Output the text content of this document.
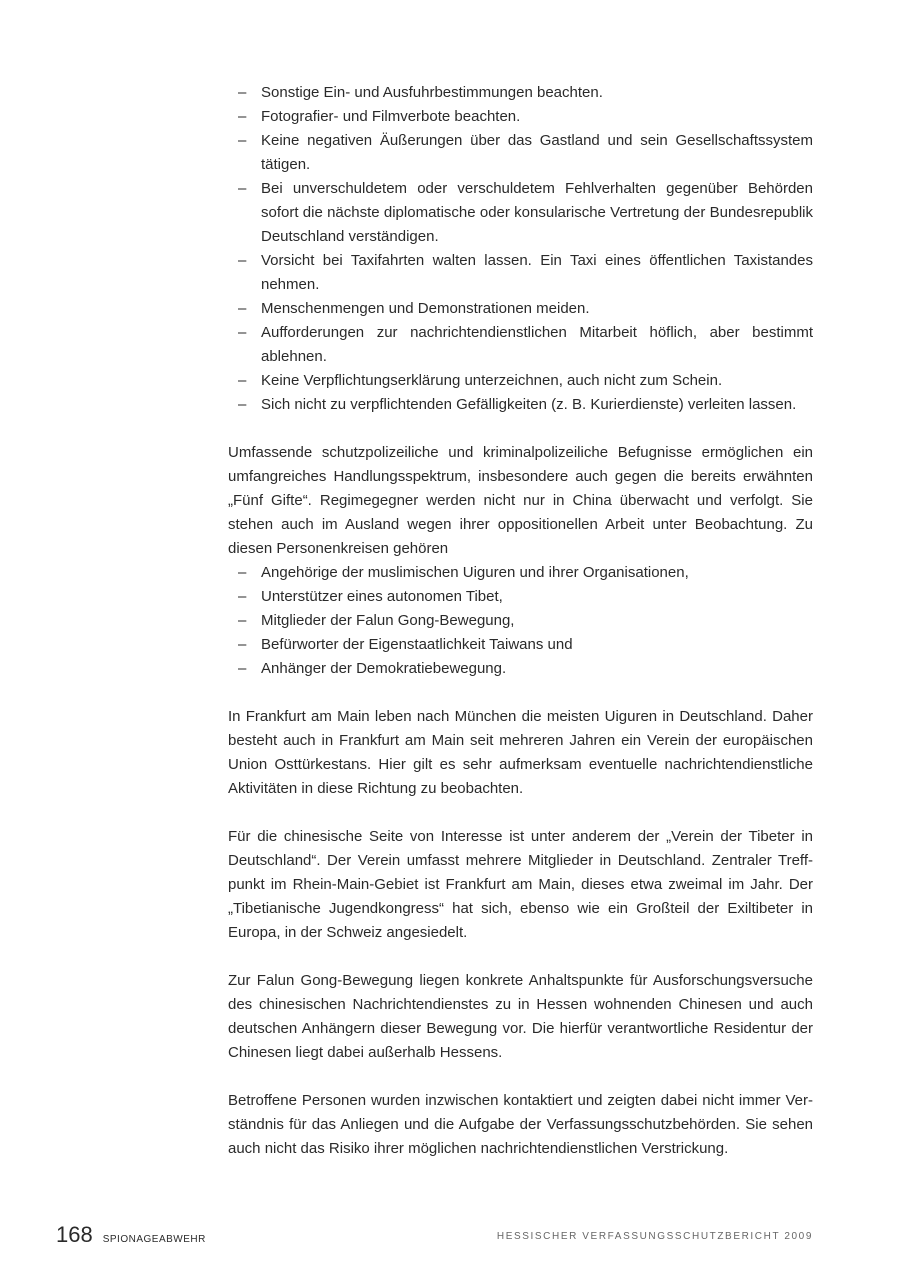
– Sonstige Ein- und Ausfuhrbestimmungen beachten.
– Fotografier- und Filmverbote beachten.
– Keine negativen Äußerungen über das Gastland und sein Gesellschaftssystem tätigen.
– Bei unverschuldetem oder verschuldetem Fehlverhalten gegenüber Behörden sofort die nächste diplomatische oder konsularische Vertretung der Bundesrepublik Deutschland verständigen.
– Vorsicht bei Taxifahrten walten lassen. Ein Taxi eines öffentlichen Taxistandes nehmen.
– Menschenmengen und Demonstrationen meiden.
– Aufforderungen zur nachrichtendienstlichen Mitarbeit höflich, aber bestimmt ablehnen.
– Keine Verpflichtungserklärung unterzeichnen, auch nicht zum Schein.
– Sich nicht zu verpflichtenden Gefälligkeiten (z. B. Kurierdienste) verleiten lassen.

Umfassende schutzpolizeiliche und kriminalpolizeiliche Befugnisse ermöglichen ein umfangreiches Handlungsspektrum, insbesondere auch gegen die bereits erwähnten „Fünf Gifte“. Regimegegner werden nicht nur in China überwacht und verfolgt. Sie stehen auch im Ausland wegen ihrer oppositionellen Arbeit unter Beobachtung. Zu diesen Personenkreisen gehören

– Angehörige der muslimischen Uiguren und ihrer Organisationen,
– Unterstützer eines autonomen Tibet,
– Mitglieder der Falun Gong-Bewegung,
– Befürworter der Eigenstaatlichkeit Taiwans und
– Anhänger der Demokratiebewegung.

In Frankfurt am Main leben nach München die meisten Uiguren in Deutschland. Daher besteht auch in Frankfurt am Main seit mehreren Jahren ein Verein der europäischen Union Osttürkestans. Hier gilt es sehr aufmerksam eventuelle nachrichtendienstliche Aktivitäten in diese Richtung zu beobachten.

Für die chinesische Seite von Interesse ist unter anderem der „Verein der Tibeter in Deutschland“. Der Verein umfasst mehrere Mitglieder in Deutschland. Zentraler Treffpunkt im Rhein-Main-Gebiet ist Frankfurt am Main, dieses etwa zweimal im Jahr. Der „Tibetianische Jugendkongress“ hat sich, ebenso wie ein Großteil der Exiltibeter in Europa, in der Schweiz angesiedelt.

Zur Falun Gong-Bewegung liegen konkrete Anhaltspunkte für Ausforschungsversuche des chinesischen Nachrichtendienstes zu in Hessen wohnenden Chinesen und auch deutschen Anhängern dieser Bewegung vor. Die hierfür verantwortliche Residentur der Chinesen liegt dabei außerhalb Hessens.

Betroffene Personen wurden inzwischen kontaktiert und zeigten dabei nicht immer Verständnis für das Anliegen und die Aufgabe der Verfassungsschutzbehörden. Sie sehen auch nicht das Risiko ihrer möglichen nachrichtendienstlichen Verstrickung.

168 SPIONAGEABWEHR	HESSISCHER VERFASSUNGSSCHUTZBERICHT 2009
